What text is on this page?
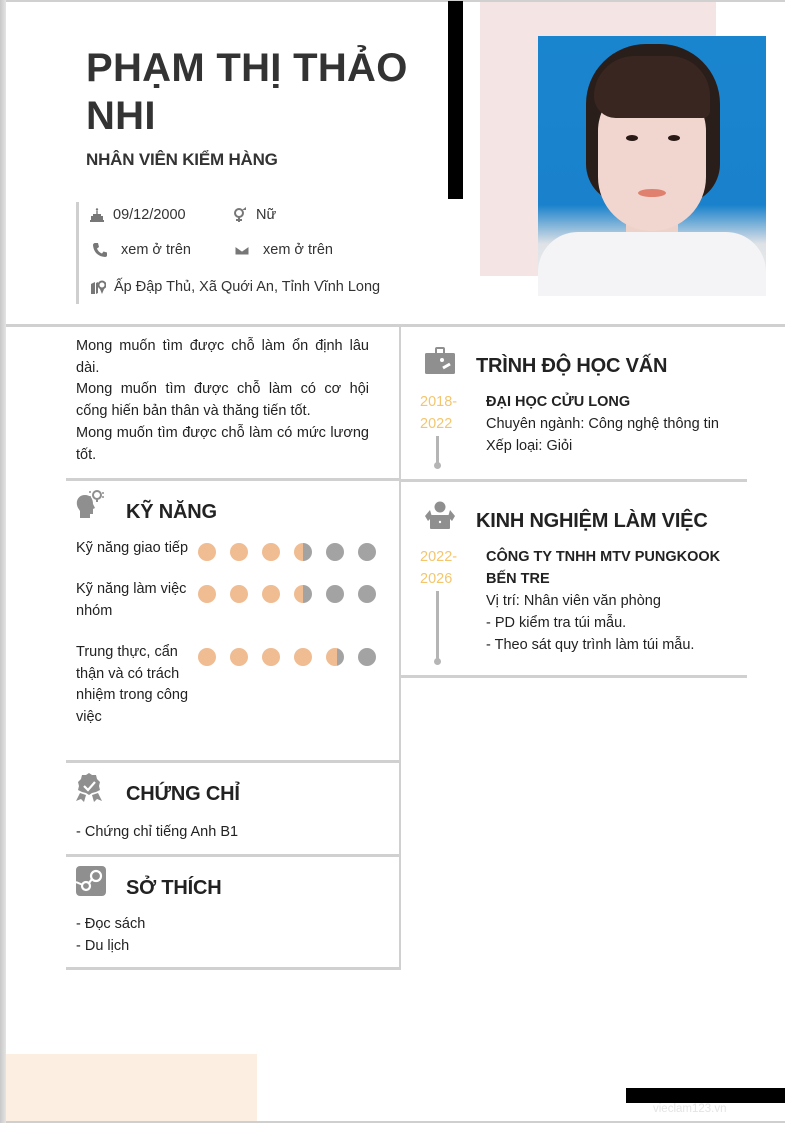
PHẠM THỊ THẢO NHI
NHÂN VIÊN KIỂM HÀNG
09/12/2000	Nữ
xem ở trên	xem ở trên
Ấp Đập Thủ, Xã Quới An, Tỉnh Vĩnh Long

Mong muốn tìm được chỗ làm ổn định lâu dài.

Mong muốn tìm được chỗ làm có cơ hội cống hiến bản thân và thăng tiến tốt.

Mong muốn tìm được chỗ làm có mức lương tốt.

KỸ NĂNG
Kỹ năng giao tiếp
Kỹ năng làm việc nhóm
Trung thực, cẩn thận và có trách nhiệm trong công việc
CHỨNG CHỈ
- Chứng chỉ tiếng Anh B1
SỞ THÍCH
- Đọc sách
- Du lịch
TRÌNH ĐỘ HỌC VẤN
2018-
2022
ĐẠI HỌC CỬU LONG
Chuyên ngành: Công nghệ thông tin
Xếp loại: Giỏi
KINH NGHIỆM LÀM VIỆC
2022-
2026
CÔNG TY TNHH MTV PUNGKOOK BẾN TRE
Vị trí: Nhân viên văn phòng
- PD kiểm tra túi mẫu.
- Theo sát quy trình làm túi mẫu.
vieclam123.vn
